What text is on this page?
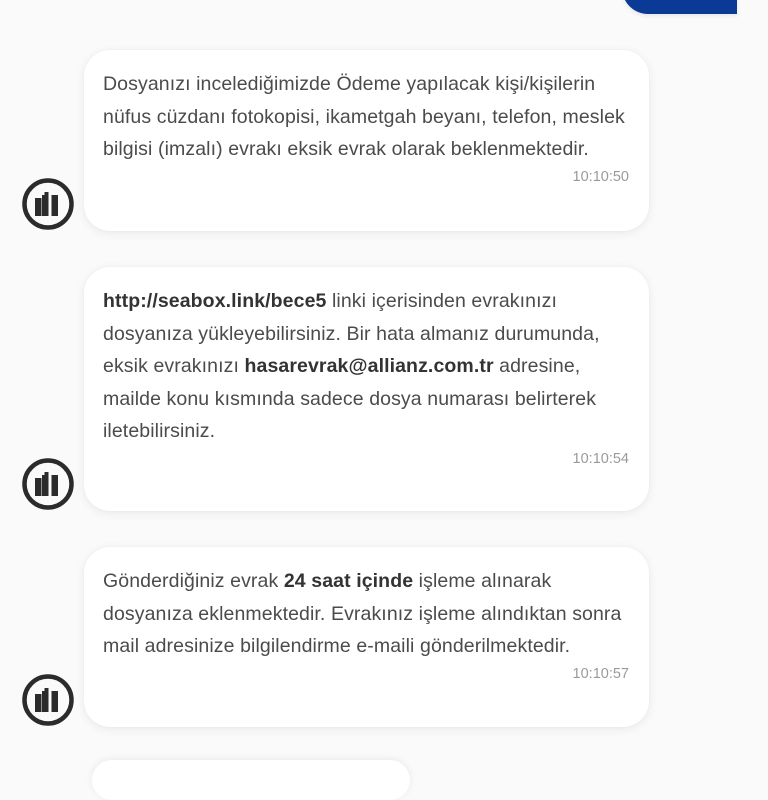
Dosyanızı incelediğimizde Ödeme yapılacak kişi/kişilerin nüfus cüzdanı fotokopisi, ikametgah beyanı, telefon, meslek bilgisi (imzalı) evrakı eksik evrak olarak beklenmektedir.
10:10:50
http://seabox.link/bece5 linki içerisinden evrakınızı dosyanıza yükleyebilirsiniz. Bir hata almanız durumunda, eksik evrakınızı hasarevrak@allianz.com.tr adresine, mailde konu kısmında sadece dosya numarası belirterek iletebilirsiniz.
10:10:54
Gönderdiğiniz evrak 24 saat içinde işleme alınarak dosyanıza eklenmektedir. Evrakınız işleme alındıktan sonra mail adresinize bilgilendirme e-maili gönderilmektedir.
10:10:57
